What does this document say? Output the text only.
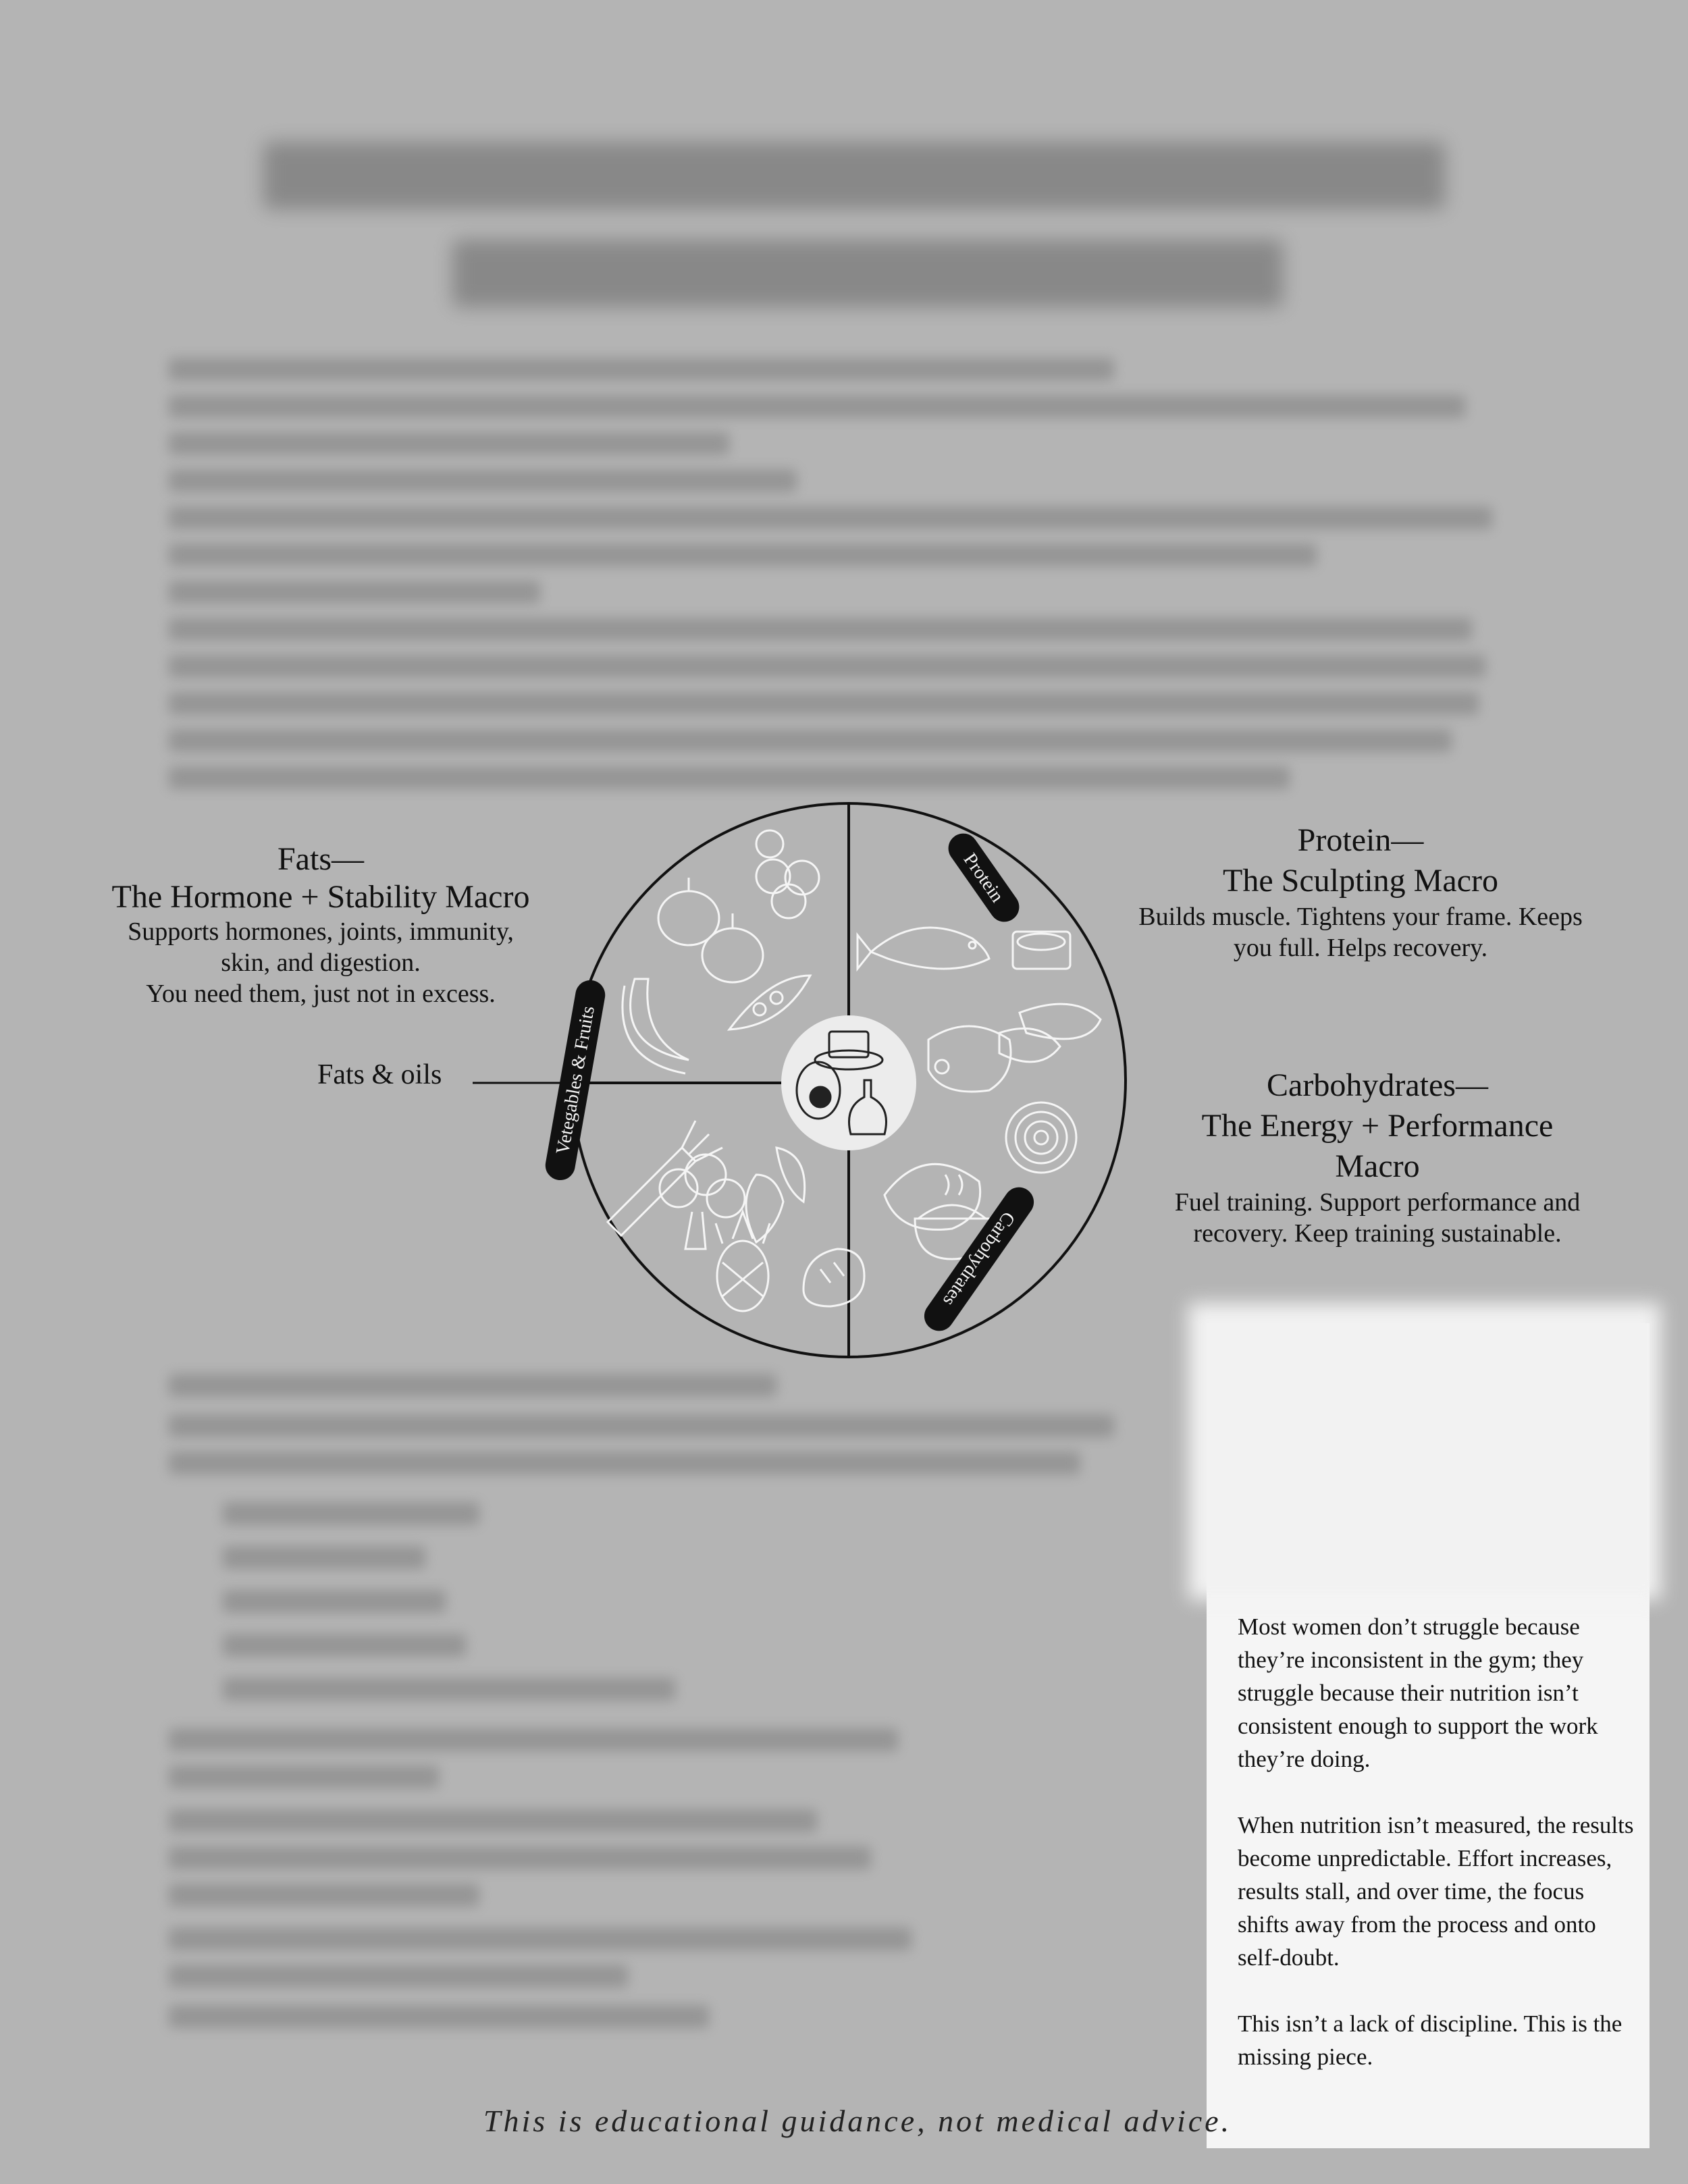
Fats—
The Hormone + Stability Macro
Supports hormones, joints, immunity,
skin, and digestion.
You need them, just not in excess.
Fats & oils
Protein—
The Sculpting Macro
Builds muscle. Tightens your frame. Keeps
you full. Helps recovery.
Carbohydrates—
The Energy + Performance
Macro
Fuel training. Support performance and
recovery. Keep training sustainable.
Vetegables & Fruits
Protein
Carbohydrates

Most women don’t struggle because they’re inconsistent in the gym; they struggle because their nutrition isn’t consistent enough to support the work they’re doing.

When nutrition isn’t measured, the results become unpredictable. Effort increases, results stall, and over time, the focus shifts away from the process and onto self-doubt.

This isn’t a lack of discipline. This is the missing piece.

This is educational guidance, not medical advice.
